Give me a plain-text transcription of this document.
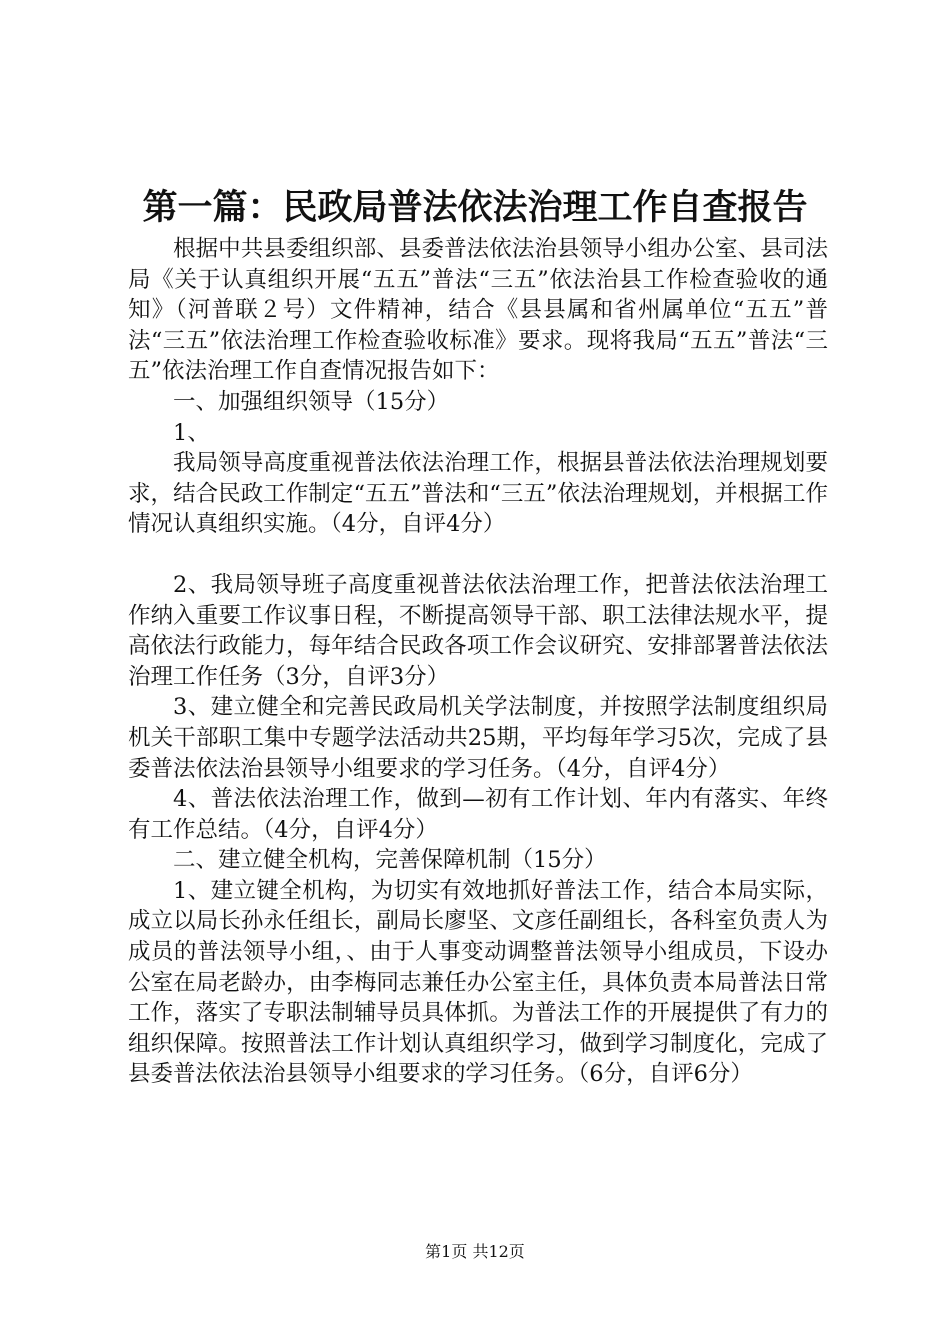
第一篇：民政局普法依法治理工作自查报告

根据中共县委组织部、县委普法依法治县领导小组办公室、县司法局《关于认真组织开展“五五”普法“三五”依法治县工作检查验收的通知》（河普联２号）文件精神，结合《县县属和省州属单位“五五”普法“三五”依法治理工作检查验收标准》要求。现将我局“五五”普法“三五”依法治理工作自查情况报告如下：

一、加强组织领导（15分）

1、

我局领导高度重视普法依法治理工作，根据县普法依法治理规划要求，结合民政工作制定“五五”普法和“三五”依法治理规划，并根据工作情况认真组织实施。（4分，自评4分）

2、我局领导班子高度重视普法依法治理工作，把普法依法治理工作纳入重要工作议事日程，不断提高领导干部、职工法律法规水平，提高依法行政能力，每年结合民政各项工作会议研究、安排部署普法依法治理工作任务（3分，自评3分）

3、建立健全和完善民政局机关学法制度，并按照学法制度组织局机关干部职工集中专题学法活动共25期，平均每年学习5次，完成了县委普法依法治县领导小组要求的学习任务。（4分，自评4分）

4、普法依法治理工作，做到—初有工作计划、年内有落实、年终有工作总结。（4分，自评4分）

二、建立健全机构，完善保障机制（15分）

1、建立键全机构，为切实有效地抓好普法工作，结合本局实际，成立以局长孙永任组长，副局长廖坚、文彦任副组长，各科室负责人为成员的普法领导小组，、由于人事变动调整普法领导小组成员，下设办公室在局老龄办，由李梅同志兼任办公室主任，具体负责本局普法日常工作，落实了专职法制辅导员具体抓。为普法工作的开展提供了有力的组织保障。按照普法工作计划认真组织学习，做到学习制度化，完成了县委普法依法治县领导小组要求的学习任务。（6分，自评6分）

第1页 共12页
